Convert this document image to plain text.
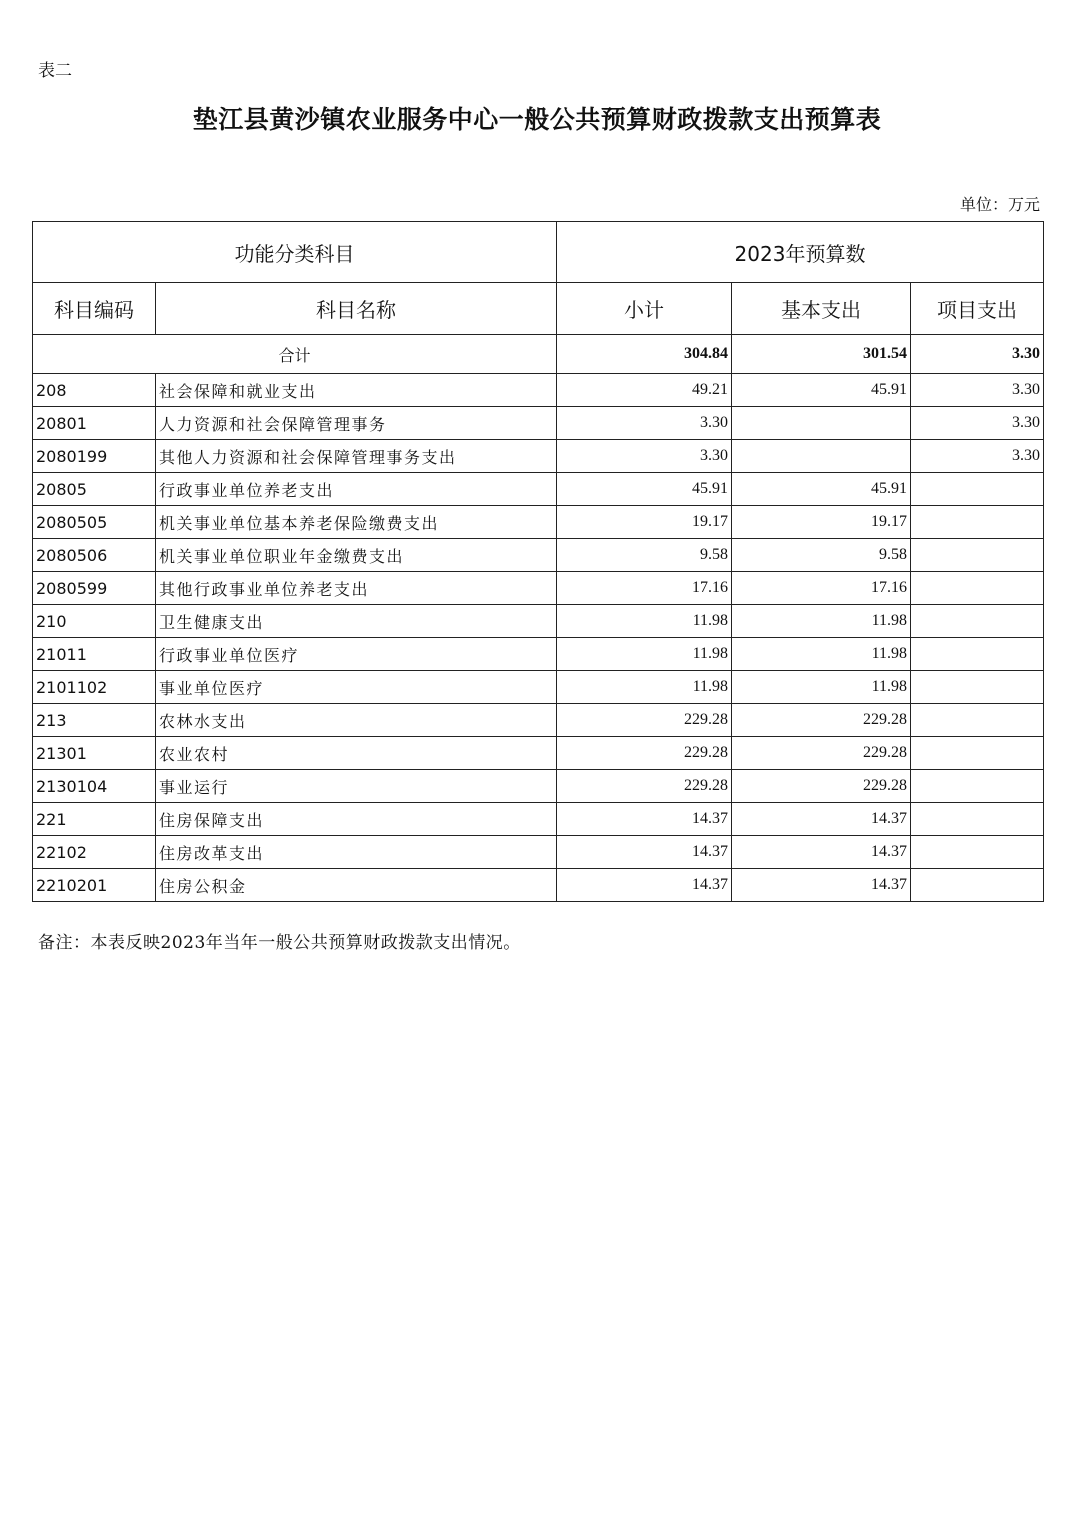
表二
垫江县黄沙镇农业服务中心一般公共预算财政拨款支出预算表
单位：万元
功能分类科目		2023年预算数		
科目编码	科目名称	小计	基本支出	项目支出
合计		304.84	301.54	3.30
208	社会保障和就业支出	49.21	45.91	3.30
20801	人力资源和社会保障管理事务	3.30		3.30
2080199	其他人力资源和社会保障管理事务支出	3.30		3.30
20805	行政事业单位养老支出	45.91	45.91	
2080505	机关事业单位基本养老保险缴费支出	19.17	19.17	
2080506	机关事业单位职业年金缴费支出	9.58	9.58	
2080599	其他行政事业单位养老支出	17.16	17.16	
210	卫生健康支出	11.98	11.98	
21011	行政事业单位医疗	11.98	11.98	
2101102	事业单位医疗	11.98	11.98	
213	农林水支出	229.28	229.28	
21301	农业农村	229.28	229.28	
2130104	事业运行	229.28	229.28	
221	住房保障支出	14.37	14.37	
22102	住房改革支出	14.37	14.37	
2210201	住房公积金	14.37	14.37	
备注：本表反映2023年当年一般公共预算财政拨款支出情况。
